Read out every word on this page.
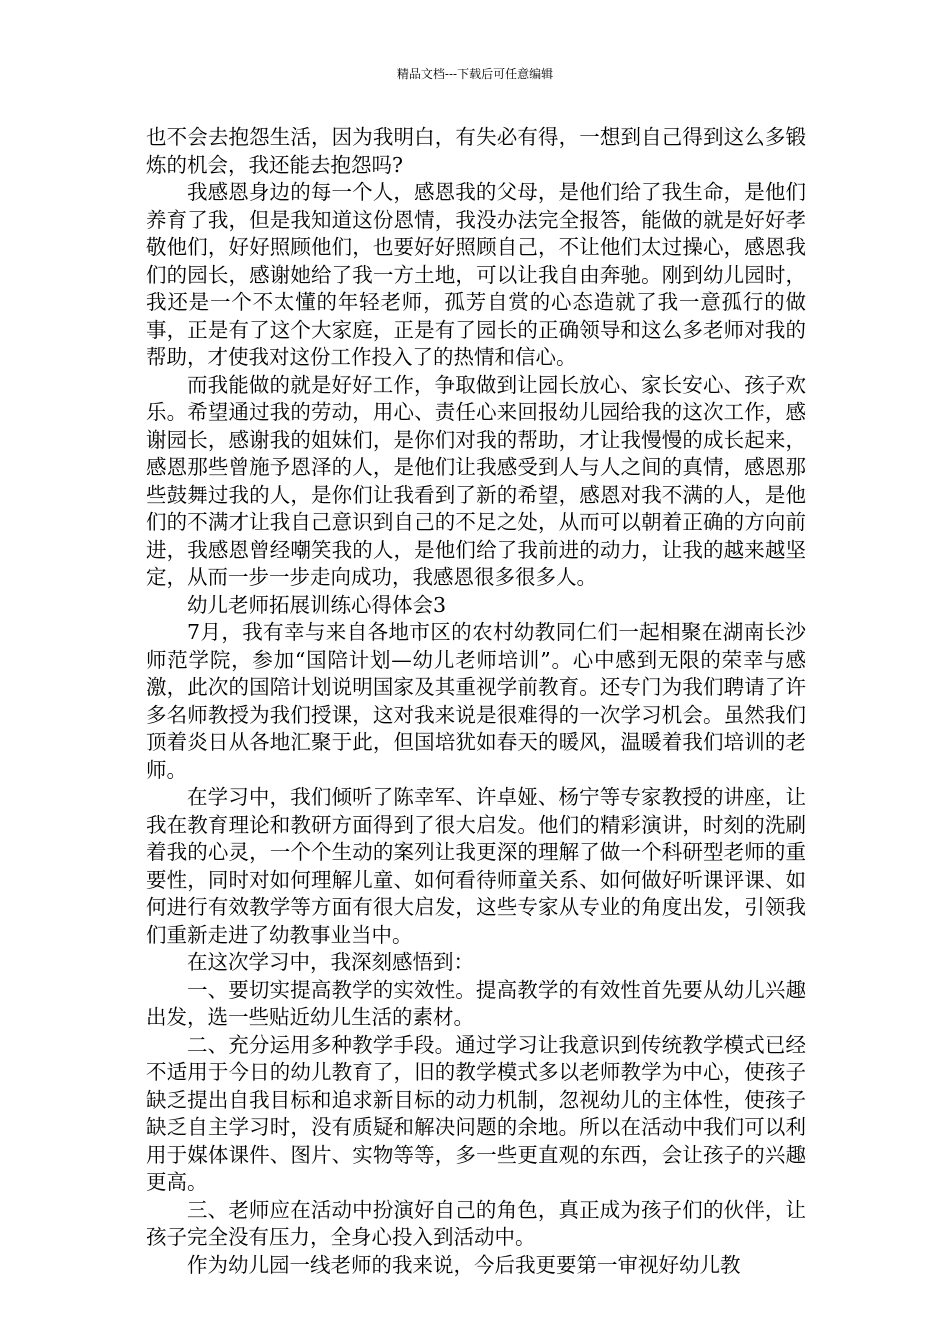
精品文档---下载后可任意编辑

也不会去抱怨生活，因为我明白，有失必有得，一想到自己得到这么多锻炼的机会，我还能去抱怨吗?

我感恩身边的每一个人，感恩我的父母，是他们给了我生命，是他们养育了我，但是我知道这份恩情，我没办法完全报答，能做的就是好好孝敬他们，好好照顾他们，也要好好照顾自己，不让他们太过操心，感恩我们的园长，感谢她给了我一方土地，可以让我自由奔驰。刚到幼儿园时，我还是一个不太懂的年轻老师，孤芳自赏的心态造就了我一意孤行的做事，正是有了这个大家庭，正是有了园长的正确领导和这么多老师对我的帮助，才使我对这份工作投入了的热情和信心。

而我能做的就是好好工作，争取做到让园长放心、家长安心、孩子欢乐。希望通过我的劳动，用心、责任心来回报幼儿园给我的这次工作，感谢园长，感谢我的姐妹们，是你们对我的帮助，才让我慢慢的成长起来，感恩那些曾施予恩泽的人，是他们让我感受到人与人之间的真情，感恩那些鼓舞过我的人，是你们让我看到了新的希望，感恩对我不满的人，是他们的不满才让我自己意识到自己的不足之处，从而可以朝着正确的方向前进，我感恩曾经嘲笑我的人，是他们给了我前进的动力，让我的越来越坚定，从而一步一步走向成功，我感恩很多很多人。

幼儿老师拓展训练心得体会3

7月，我有幸与来自各地市区的农村幼教同仁们一起相聚在湖南长沙师范学院，参加“国陪计划—幼儿老师培训”。心中感到无限的荣幸与感激，此次的国陪计划说明国家及其重视学前教育。还专门为我们聘请了许多名师教授为我们授课，这对我来说是很难得的一次学习机会。虽然我们顶着炎日从各地汇聚于此，但国培犹如春天的暖风，温暖着我们培训的老师。

在学习中，我们倾听了陈幸军、许卓娅、杨宁等专家教授的讲座，让我在教育理论和教研方面得到了很大启发。他们的精彩演讲，时刻的洗刷着我的心灵，一个个生动的案列让我更深的理解了做一个科研型老师的重要性，同时对如何理解儿童、如何看待师童关系、如何做好听课评课、如何进行有效教学等方面有很大启发，这些专家从专业的角度出发，引领我们重新走进了幼教事业当中。

在这次学习中，我深刻感悟到：

一、要切实提高教学的实效性。提高教学的有效性首先要从幼儿兴趣出发，选一些贴近幼儿生活的素材。

二、充分运用多种教学手段。通过学习让我意识到传统教学模式已经不适用于今日的幼儿教育了，旧的教学模式多以老师教学为中心，使孩子缺乏提出自我目标和追求新目标的动力机制，忽视幼儿的主体性，使孩子缺乏自主学习时，没有质疑和解决问题的余地。所以在活动中我们可以利用于媒体课件、图片、实物等等，多一些更直观的东西，会让孩子的兴趣更高。

三、老师应在活动中扮演好自己的角色，真正成为孩子们的伙伴，让孩子完全没有压力，全身心投入到活动中。

作为幼儿园一线老师的我来说，今后我更要第一审视好幼儿教
